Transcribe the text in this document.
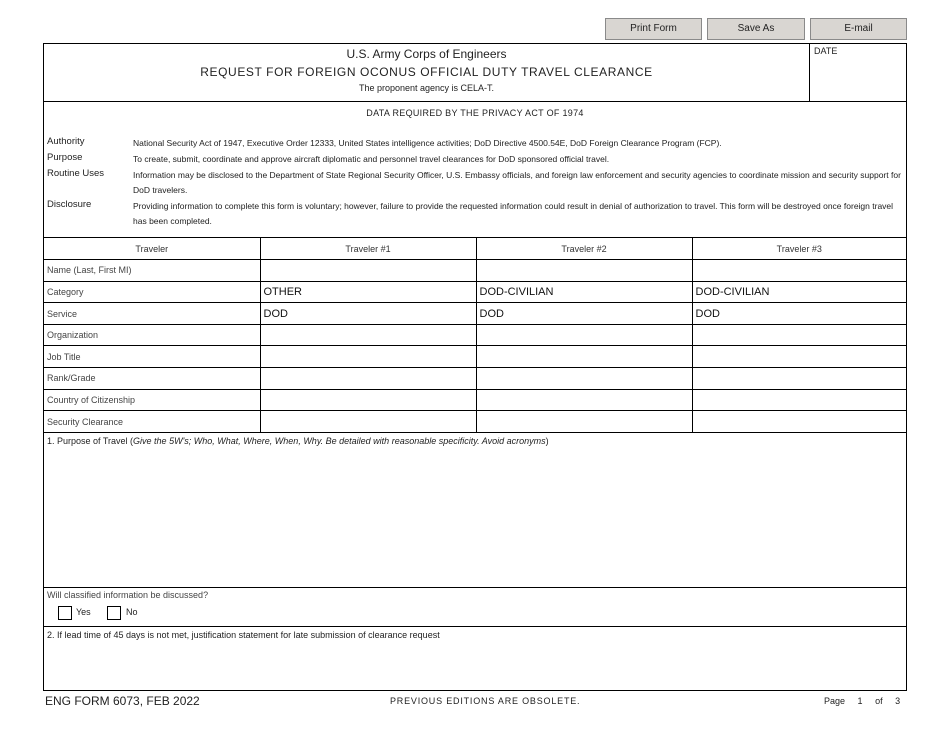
Print Form	Save As	E-mail
U.S. Army Corps of Engineers
REQUEST FOR FOREIGN OCONUS OFFICIAL DUTY TRAVEL CLEARANCE
The proponent agency is CELA-T.
DATE
DATA REQUIRED BY THE PRIVACY ACT OF 1974
Authority	National Security Act of 1947, Executive Order 12333, United States intelligence activities; DoD Directive 4500.54E, DoD Foreign Clearance Program (FCP).
Purpose	To create, submit, coordinate and approve aircraft diplomatic and personnel travel clearances for DoD sponsored official travel.
Routine Uses	Information may be disclosed to the Department of State Regional Security Officer, U.S. Embassy officials, and foreign law enforcement and security agencies to coordinate mission and security support for DoD travelers.
Disclosure	Providing information to complete this form is voluntary; however, failure to provide the requested information could result in denial of authorization to travel. This form will be destroyed once foreign travel has been completed.
Traveler	Traveler #1	Traveler #2	Traveler #3
Name (Last, First MI)			
Category	OTHER	DOD-CIVILIAN	DOD-CIVILIAN
Service	DOD	DOD	DOD
Organization			
Job Title			
Rank/Grade			
Country of Citizenship			
Security Clearance			
1. Purpose of Travel (Give the 5W's; Who, What, Where, When, Why. Be detailed with reasonable specificity. Avoid acronyms)
Will classified information be discussed?
Yes	No
2. If lead time of 45 days is not met, justification statement for late submission of clearance request
ENG FORM 6073, FEB 2022	PREVIOUS EDITIONS ARE OBSOLETE.	Page 1 of 3
